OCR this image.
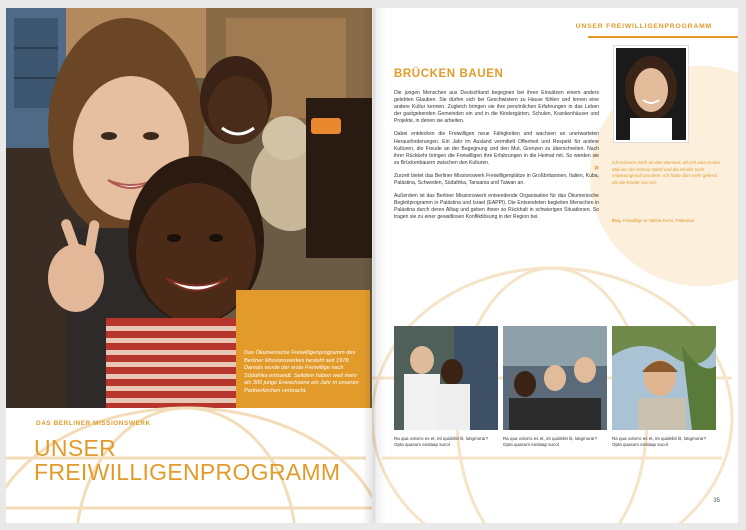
Das Ökumenische Freiwilligenprogramm des Berliner Missionswerkes besteht seit 1978. Damals wurde der erste Freiwillige nach Südafrika entsandt. Seitdem haben weit mehr als 300 junge Erwachsene ein Jahr in unseren Partnerkirchen verbracht.
DAS BERLINER MISSIONSWERK
UNSER
FREIWILLIGENPROGRAMM
UNSER FREIWILLIGENPROGRAMM
BRÜCKEN BAUEN

Die jungen Menschen aus Deutschland begegnen bei ihren Einsätzen einem anders gelebten Glauben. Sie dürfen sich bei Geschwistern zu Hause fühlen und lernen eine andere Kultur kennen. Zugleich bringen sie ihre persönlichen Erfahrungen in das Leben der gastgebenden Gemeinden ein und in die Kindergärten, Schulen, Krankenhäuser und Projekte, in denen sie arbeiten.

Dabei entdecken die Freiwilligen neue Fähigkeiten und wachsen an unerwarteten Herausforderungen. Ein Jahr im Ausland vermittelt Offenheit und Respekt für andere Kulturen, die Freude an der Begegnung und den Mut, Grenzen zu überschreiten. Nach ihrer Rückkehr bringen die Freiwilligen ihre Erfahrungen in die Heimat mit. So werden sie zu Brückenbauern zwischen den Kulturen.

Zurzeit bietet das Berliner Missionswerk Freiwilligenplätze in Großbritannien, Italien, Kuba, Palästina, Schweden, Südafrika, Tansania und Taiwan an.

Außerdem ist das Berliner Missionswerk entsendende Organisation für das Ökumenische Begleitprogramm in Palästina und Israel (EAPPI). Die Entsendeten begleiten Menschen in Palästina durch deren Alltag und geben ihnen so Rückhalt in schwierigen Situationen. So tragen sie zu einer gewaltlosen Konfliktlösung in der Region bei.

»	Ich erinnere mich an den Moment, als ich zum ersten Mal vor der Klasse stand und die Kinder mich erwartungsvoll ansahen. Ich habe dort mehr gelernt als die Kinder von mir.
Eva, Freiwillige in Talitha Kumi, Palästina
Ra qua volorro es et, int quidebit lit, lotigmorar? Opta quasum eoslaap sucol
Ra qua volorro es et, int quidebit lit, lotigmorar? Opta quasum eoslaap sucol
Ra qua volorro es et, int quidebit lit, lotigmorar? Opta quasum eoslaap sucol
35
